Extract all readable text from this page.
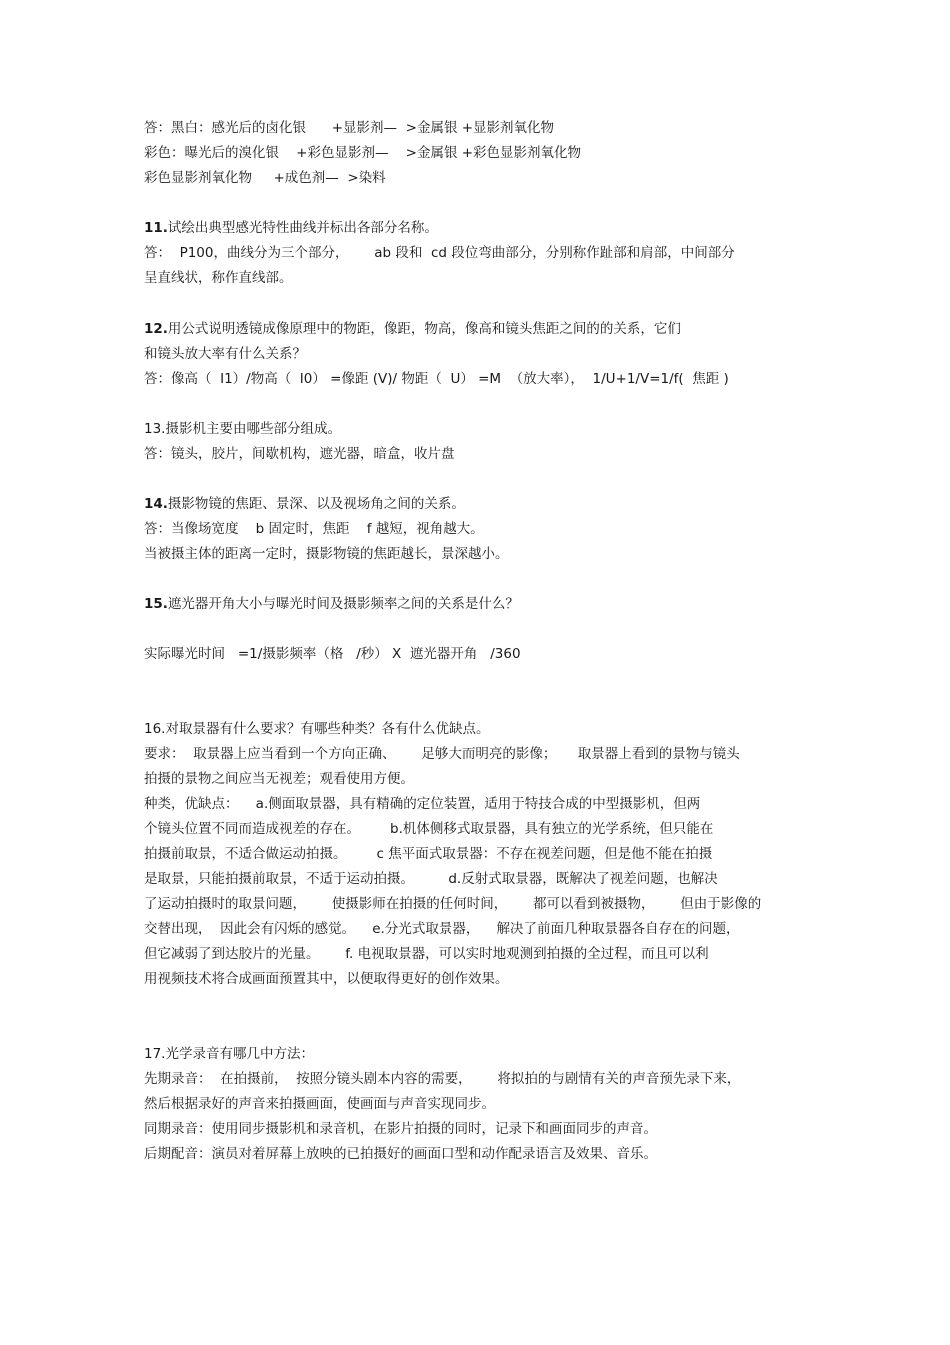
答：黑白：感光后的卤化银      +显影剂—  >金属银 +显影剂氧化物

彩色：曝光后的溴化银    +彩色显影剂—    >金属银 +彩色显影剂氧化物

彩色显影剂氧化物     +成色剂—  >染料

11.试绘出典型感光特性曲线并标出各部分名称。

答：  P100，曲线分为三个部分，      ab 段和  cd 段位弯曲部分，分别称作趾部和肩部，中间部分

呈直线状，称作直线部。

12.用公式说明透镜成像原理中的物距，像距，物高，像高和镜头焦距之间的的关系，它们

和镜头放大率有什么关系？

答：像高（  I1）/物高（  I0） =像距 (V)/ 物距（  U） =M  （放大率），  1/U+1/V=1/f(  焦距 )

13.摄影机主要由哪些部分组成。

答：镜头，胶片，间歇机构，遮光器，暗盒，收片盘

14.摄影物镜的焦距、景深、以及视场角之间的关系。

答：当像场宽度    b 固定时，焦距    f 越短，视角越大。

当被摄主体的距离一定时，摄影物镜的焦距越长，景深越小。

15.遮光器开角大小与曝光时间及摄影频率之间的关系是什么？

实际曝光时间   =1/摄影频率（格   /秒） X  遮光器开角   /360

16.对取景器有什么要求？有哪些种类？各有什么优缺点。

要求：  取景器上应当看到一个方向正确、      足够大而明亮的影像；     取景器上看到的景物与镜头

拍摄的景物之间应当无视差；观看使用方便。

种类，优缺点：    a.侧面取景器，具有精确的定位装置，适用于特技合成的中型摄影机，但两

个镜头位置不同而造成视差的存在。       b.机体侧移式取景器，具有独立的光学系统，但只能在

拍摄前取景，不适合做运动拍摄。       c 焦平面式取景器：不存在视差问题，但是他不能在拍摄

是取景，只能拍摄前取景，不适于运动拍摄。        d.反射式取景器，既解决了视差问题，也解决

了运动拍摄时的取景问题，      使摄影师在拍摄的任何时间，      都可以看到被摄物，      但由于影像的

交替出现，  因此会有闪烁的感觉。    e.分光式取景器，    解决了前面几种取景器各自存在的问题，

但它减弱了到达胶片的光量。      f. 电视取景器，可以实时地观测到拍摄的全过程，而且可以利

用视频技术将合成画面预置其中，以便取得更好的创作效果。

17.光学录音有哪几中方法：

先期录音：  在拍摄前，  按照分镜头剧本内容的需要，      将拟拍的与剧情有关的声音预先录下来，

然后根据录好的声音来拍摄画面，使画面与声音实现同步。

同期录音：使用同步摄影机和录音机，在影片拍摄的同时，记录下和画面同步的声音。

后期配音：演员对着屏幕上放映的已拍摄好的画面口型和动作配录语言及效果、音乐。
